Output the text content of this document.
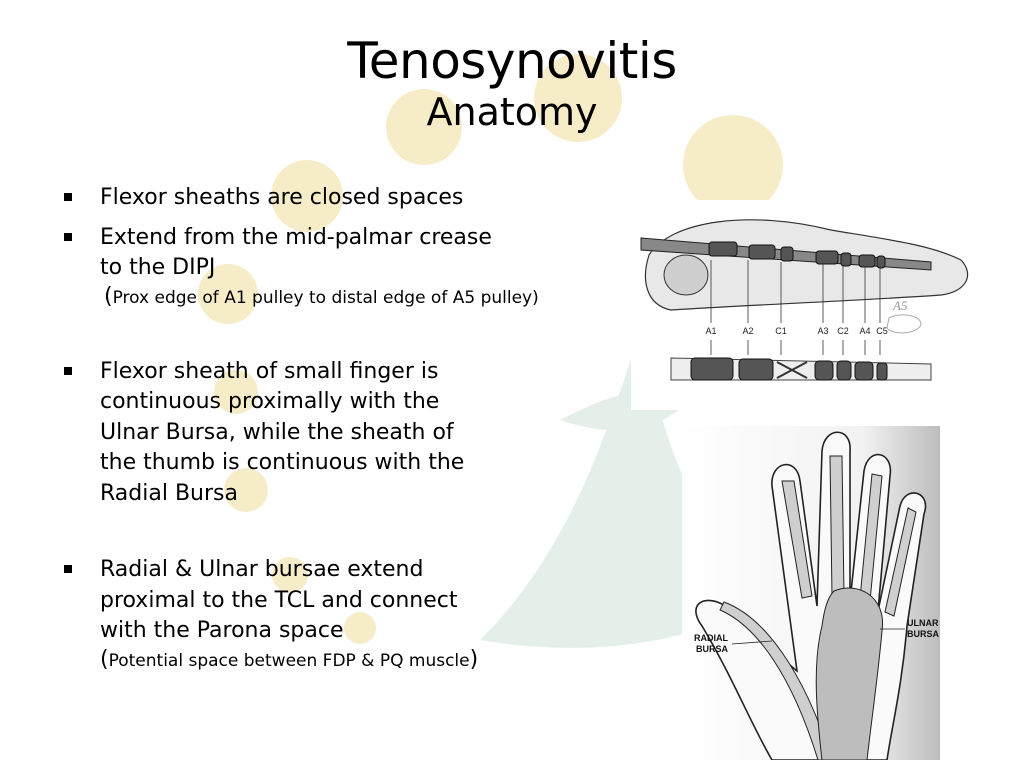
Tenosynovitis
Anatomy
Flexor sheaths are closed spaces
Extend from the mid-palmar crease
to the DIPJ
(Prox edge of A1 pulley to distal edge of A5 pulley)
Flexor sheath of small finger is
continuous proximally with the
Ulnar Bursa, while the sheath of
the thumb is continuous with the
Radial Bursa
Radial & Ulnar bursae extend
proximal to the TCL and connect
with the Parona space
(Potential space between FDP & PQ muscle)
A1	A2 C1	A3 C2 A4 C5
A5
RADIAL
BURSA
ULNAR
BURSA
